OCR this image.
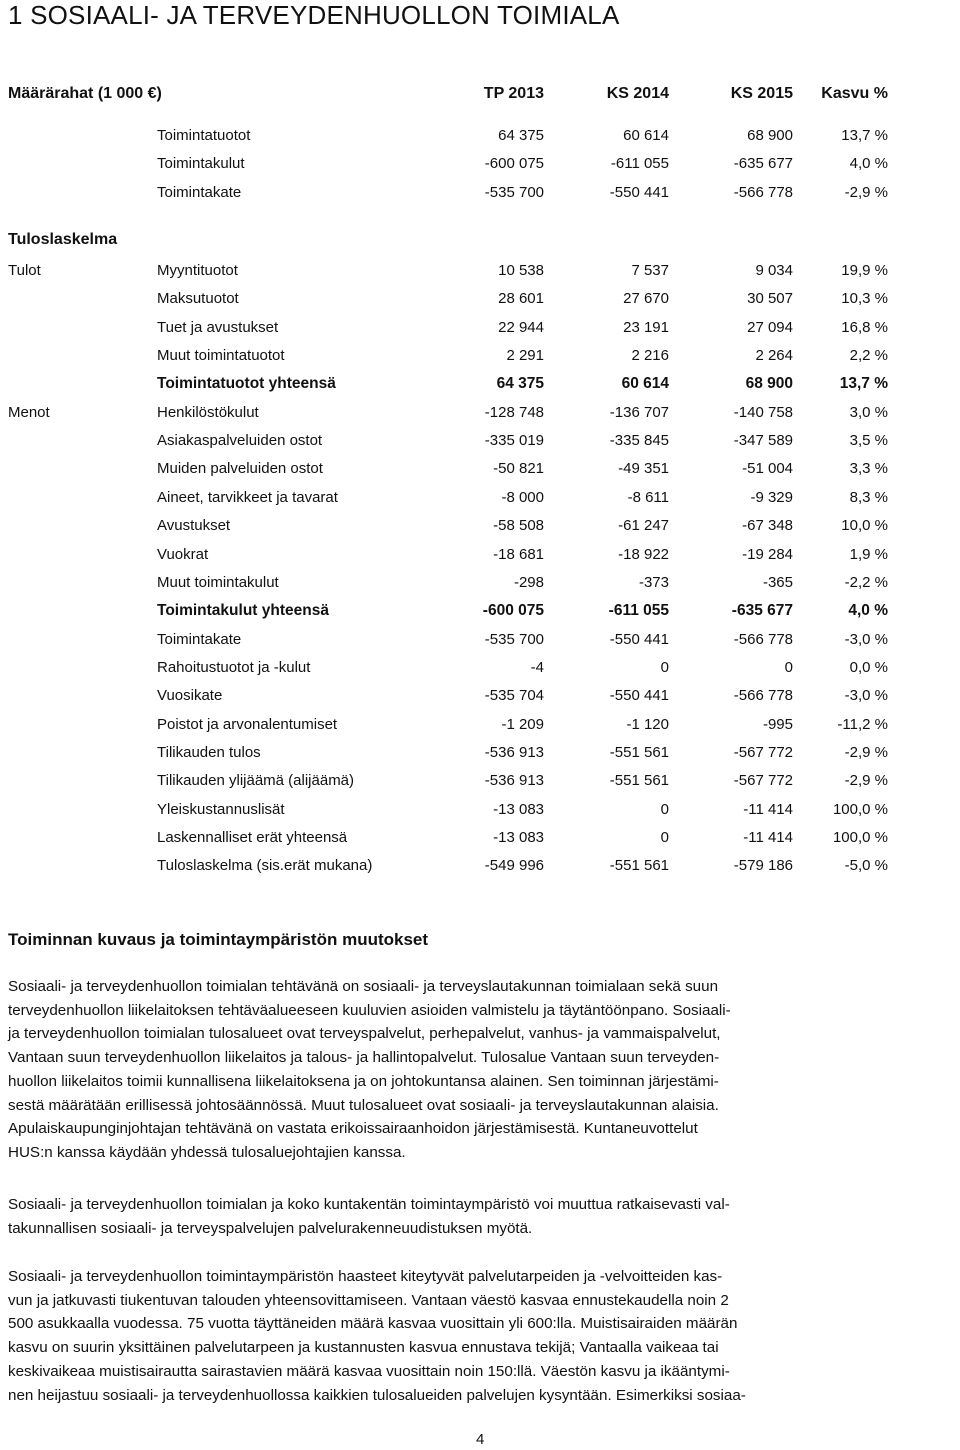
1 SOSIAALI- JA TERVEYDENHUOLLON TOIMIALA
Määrärahat (1 000 €)	TP 2013	KS 2014	KS 2015 Kasvu %
Toimintatuotot	64 375	60 614	68 900	13,7 %
Toimintakulut	-600 075	-611 055	-635 677	4,0 %
Toimintakate	-535 700	-550 441	-566 778	-2,9 %
Tuloslaskelma
Tulot	Myyntituotot	10 538	7 537	9 034	19,9 %
Maksutuotot	28 601	27 670	30 507	10,3 %
Tuet ja avustukset	22 944	23 191	27 094	16,8 %
Muut toimintatuotot	2 291	2 216	2 264	2,2 %
Toimintatuotot yhteensä	64 375	60 614	68 900	13,7 %
Menot	Henkilöstökulut	-128 748	-136 707	-140 758	3,0 %
Asiakaspalveluiden ostot	-335 019	-335 845	-347 589	3,5 %
Muiden palveluiden ostot	-50 821	-49 351	-51 004	3,3 %
Aineet, tarvikkeet ja tavarat	-8 000	-8 611	-9 329	8,3 %
Avustukset	-58 508	-61 247	-67 348	10,0 %
Vuokrat	-18 681	-18 922	-19 284	1,9 %
Muut toimintakulut	-298	-373	-365	-2,2 %
Toimintakulut yhteensä	-600 075	-611 055	-635 677	4,0 %
Toimintakate	-535 700	-550 441	-566 778	-3,0 %
Rahoitustuotot ja -kulut	-4	0	0	0,0 %
Vuosikate	-535 704	-550 441	-566 778	-3,0 %
Poistot ja arvonalentumiset	-1 209	-1 120	-995	-11,2 %
Tilikauden tulos	-536 913	-551 561	-567 772	-2,9 %
Tilikauden ylijäämä (alijäämä)	-536 913	-551 561	-567 772	-2,9 %
Yleiskustannuslisät	-13 083	0	-11 414	100,0 %
Laskennalliset erät yhteensä	-13 083	0	-11 414	100,0 %
Tuloslaskelma (sis.erät mukana)	-549 996	-551 561	-579 186	-5,0 %
Toiminnan kuvaus ja toimintaympäristön muutokset
Sosiaali- ja terveydenhuollon toimialan tehtävänä on sosiaali- ja terveyslautakunnan toimialaan sekä suun
terveydenhuollon liikelaitoksen tehtäväalueeseen kuuluvien asioiden valmistelu ja täytäntöönpano. Sosiaali-
ja terveydenhuollon toimialan tulosalueet ovat terveyspalvelut, perhepalvelut, vanhus- ja vammaispalvelut,
Vantaan suun terveydenhuollon liikelaitos ja talous- ja hallintopalvelut. Tulosalue Vantaan suun terveyden-
huollon liikelaitos toimii kunnallisena liikelaitoksena ja on johtokuntansa alainen. Sen toiminnan järjestämi-
sestä määrätään erillisessä johtosäännössä. Muut tulosalueet ovat sosiaali- ja terveyslautakunnan alaisia.
Apulaiskaupunginjohtajan tehtävänä on vastata erikoissairaanhoidon järjestämisestä. Kuntaneuvottelut
HUS:n kanssa käydään yhdessä tulosaluejohtajien kanssa.
Sosiaali- ja terveydenhuollon toimialan ja koko kuntakentän toimintaympäristö voi muuttua ratkaisevasti val-
takunnallisen sosiaali- ja terveyspalvelujen palvelurakenneuudistuksen myötä.
Sosiaali- ja terveydenhuollon toimintaympäristön haasteet kiteytyvät palvelutarpeiden ja -velvoitteiden kas-
vun ja jatkuvasti tiukentuvan talouden yhteensovittamiseen. Vantaan väestö kasvaa ennustekaudella noin 2
500 asukkaalla vuodessa. 75 vuotta täyttäneiden määrä kasvaa vuosittain yli 600:lla. Muistisairaiden määrän
kasvu on suurin yksittäinen palvelutarpeen ja kustannusten kasvua ennustava tekijä; Vantaalla vaikeaa tai
keskivaikeaa muistisairautta sairastavien määrä kasvaa vuosittain noin 150:llä. Väestön kasvu ja ikääntymi-
nen heijastuu sosiaali- ja terveydenhuollossa kaikkien tulosalueiden palvelujen kysyntään. Esimerkiksi sosiaa-
4
